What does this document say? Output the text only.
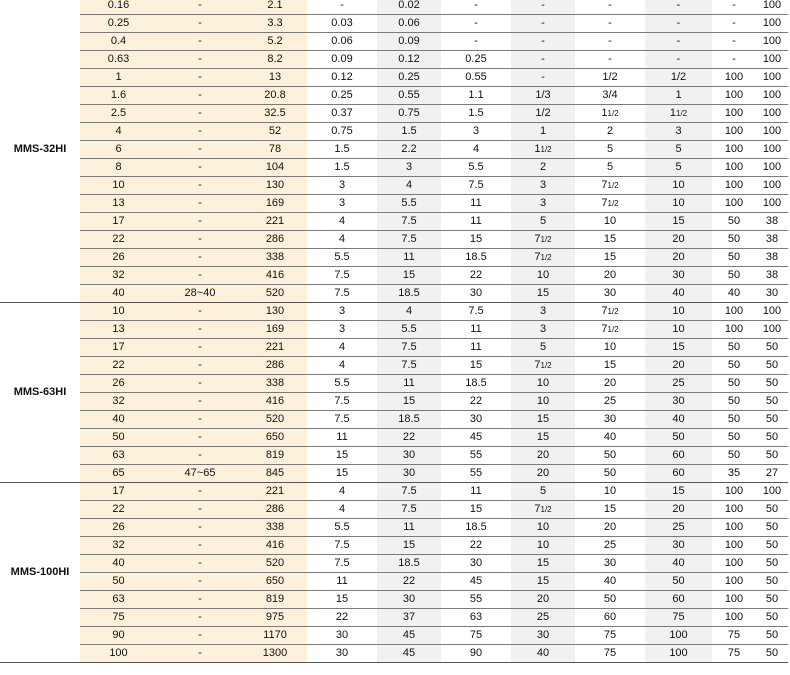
MMS-32HI	0.16	-	2.1	-	0.02	-	-	-	-	-	100	
	0.25	-	3.3	0.03	0.06	-	-	-	-	-	100	
	0.4	-	5.2	0.06	0.09	-	-	-	-	-	100	
	0.63	-	8.2	0.09	0.12	0.25	-	-	-	-	100	
	1	-	13	0.12	0.25	0.55	-	1/2	1/2	100	100	
	1.6	-	20.8	0.25	0.55	1.1	1/3	3/4	1	100	100	
	2.5	-	32.5	0.37	0.75	1.5	1/2	11/2	11/2	100	100	
	4	-	52	0.75	1.5	3	1	2	3	100	100	
	6	-	78	1.5	2.2	4	11/2	5	5	100	100	
	8	-	104	1.5	3	5.5	2	5	5	100	100	
	10	-	130	3	4	7.5	3	71/2	10	100	100	
	13	-	169	3	5.5	11	3	71/2	10	100	100	
	17	-	221	4	7.5	11	5	10	15	50	38	
	22	-	286	4	7.5	15	71/2	15	20	50	38	
	26	-	338	5.5	11	18.5	71/2	15	20	50	38	
	32	-	416	7.5	15	22	10	20	30	50	38	
	40	28~40	520	7.5	18.5	30	15	30	40	40	30	
MMS-63HI	10	-	130	3	4	7.5	3	71/2	10	100	100	
	13	-	169	3	5.5	11	3	71/2	10	100	100	
	17	-	221	4	7.5	11	5	10	15	50	50	
	22	-	286	4	7.5	15	71/2	15	20	50	50	
	26	-	338	5.5	11	18.5	10	20	25	50	50	
	32	-	416	7.5	15	22	10	25	30	50	50	
	40	-	520	7.5	18.5	30	15	30	40	50	50	
	50	-	650	11	22	45	15	40	50	50	50	
	63	-	819	15	30	55	20	50	60	50	50	
	65	47~65	845	15	30	55	20	50	60	35	27	
MMS-100HI	17	-	221	4	7.5	11	5	10	15	100	100	
	22	-	286	4	7.5	15	71/2	15	20	100	50	
	26	-	338	5.5	11	18.5	10	20	25	100	50	
	32	-	416	7.5	15	22	10	25	30	100	50	
	40	-	520	7.5	18.5	30	15	30	40	100	50	
	50	-	650	11	22	45	15	40	50	100	50	
	63	-	819	15	30	55	20	50	60	100	50	
	75	-	975	22	37	63	25	60	75	100	50	
	90	-	1170	30	45	75	30	75	100	75	50	
	100	-	1300	30	45	90	40	75	100	75	50	
